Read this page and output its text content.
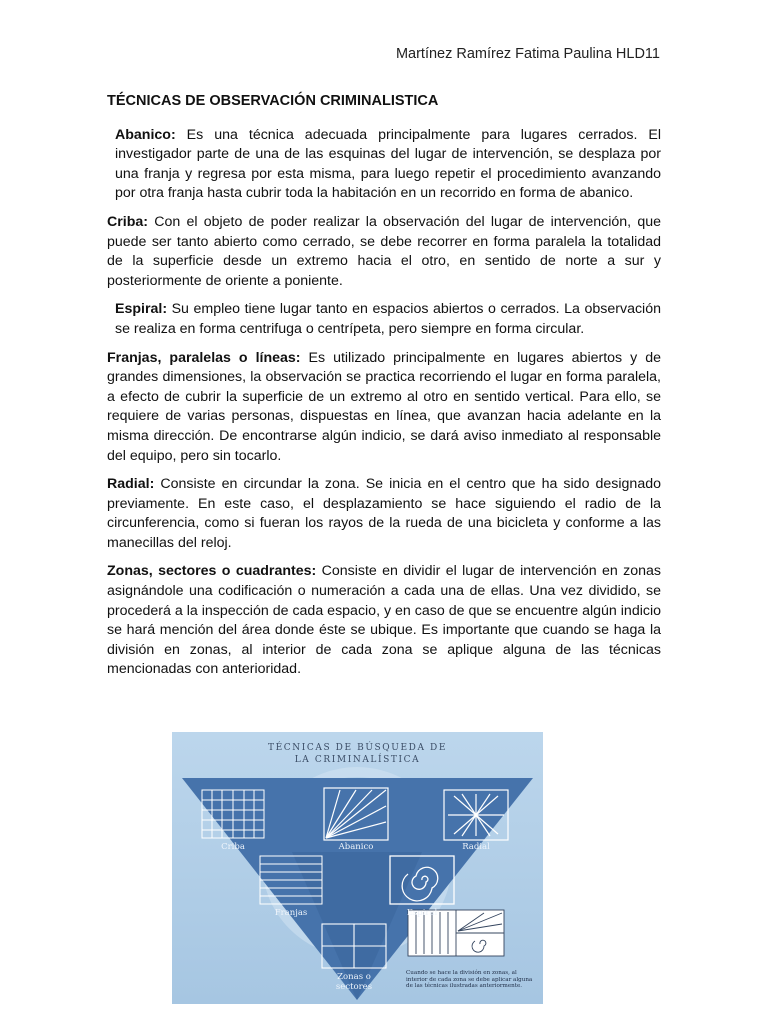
Martínez Ramírez Fatima Paulina HLD11
TÉCNICAS DE OBSERVACIÓN CRIMINALISTICA

Abanico: Es una técnica adecuada principalmente para lugares cerrados. El investigador parte de una de las esquinas del lugar de intervención, se desplaza por una franja y regresa por esta misma, para luego repetir el procedimiento avanzando por otra franja hasta cubrir toda la habitación en un recorrido en forma de abanico.

Criba: Con el objeto de poder realizar la observación del lugar de intervención, que puede ser tanto abierto como cerrado, se debe recorrer en forma paralela la totalidad de la superficie desde un extremo hacia el otro, en sentido de norte a sur y posteriormente de oriente a poniente.

Espiral: Su empleo tiene lugar tanto en espacios abiertos o cerrados. La observación se realiza en forma centrifuga o centrípeta, pero siempre en forma circular.

Franjas, paralelas o líneas: Es utilizado principalmente en lugares abiertos y de grandes dimensiones, la observación se practica recorriendo el lugar en forma paralela, a efecto de cubrir la superficie de un extremo al otro en sentido vertical. Para ello, se requiere de varias personas, dispuestas en línea, que avanzan hacia adelante en la misma dirección. De encontrarse algún indicio, se dará aviso inmediato al responsable del equipo, pero sin tocarlo.

Radial: Consiste en circundar la zona. Se inicia en el centro que ha sido designado previamente. En este caso, el desplazamiento se hace siguiendo el radio de la circunferencia, como si fueran los rayos de la rueda de una bicicleta y conforme a las manecillas del reloj.

Zonas, sectores o cuadrantes: Consiste en dividir el lugar de intervención en zonas asignándole una codificación o numeración a cada una de ellas. Una vez dividido, se procederá a la inspección de cada espacio, y en caso de que se encuentre algún indicio se hará mención del área donde éste se ubique. Es importante que cuando se haga la división en zonas, al interior de cada zona se aplique alguna de las técnicas mencionadas con anterioridad.

TÉCNICAS DE BÚSQUEDA DE
LA CRIMINALÍSTICA
Criba	Abanico	Radial
Franjas	Espiral
Zonas o
sectores
Cuando se hace la división en zonas, al interior de cada zona se debe aplicar alguna de las técnicas ilustradas anteriormente.
